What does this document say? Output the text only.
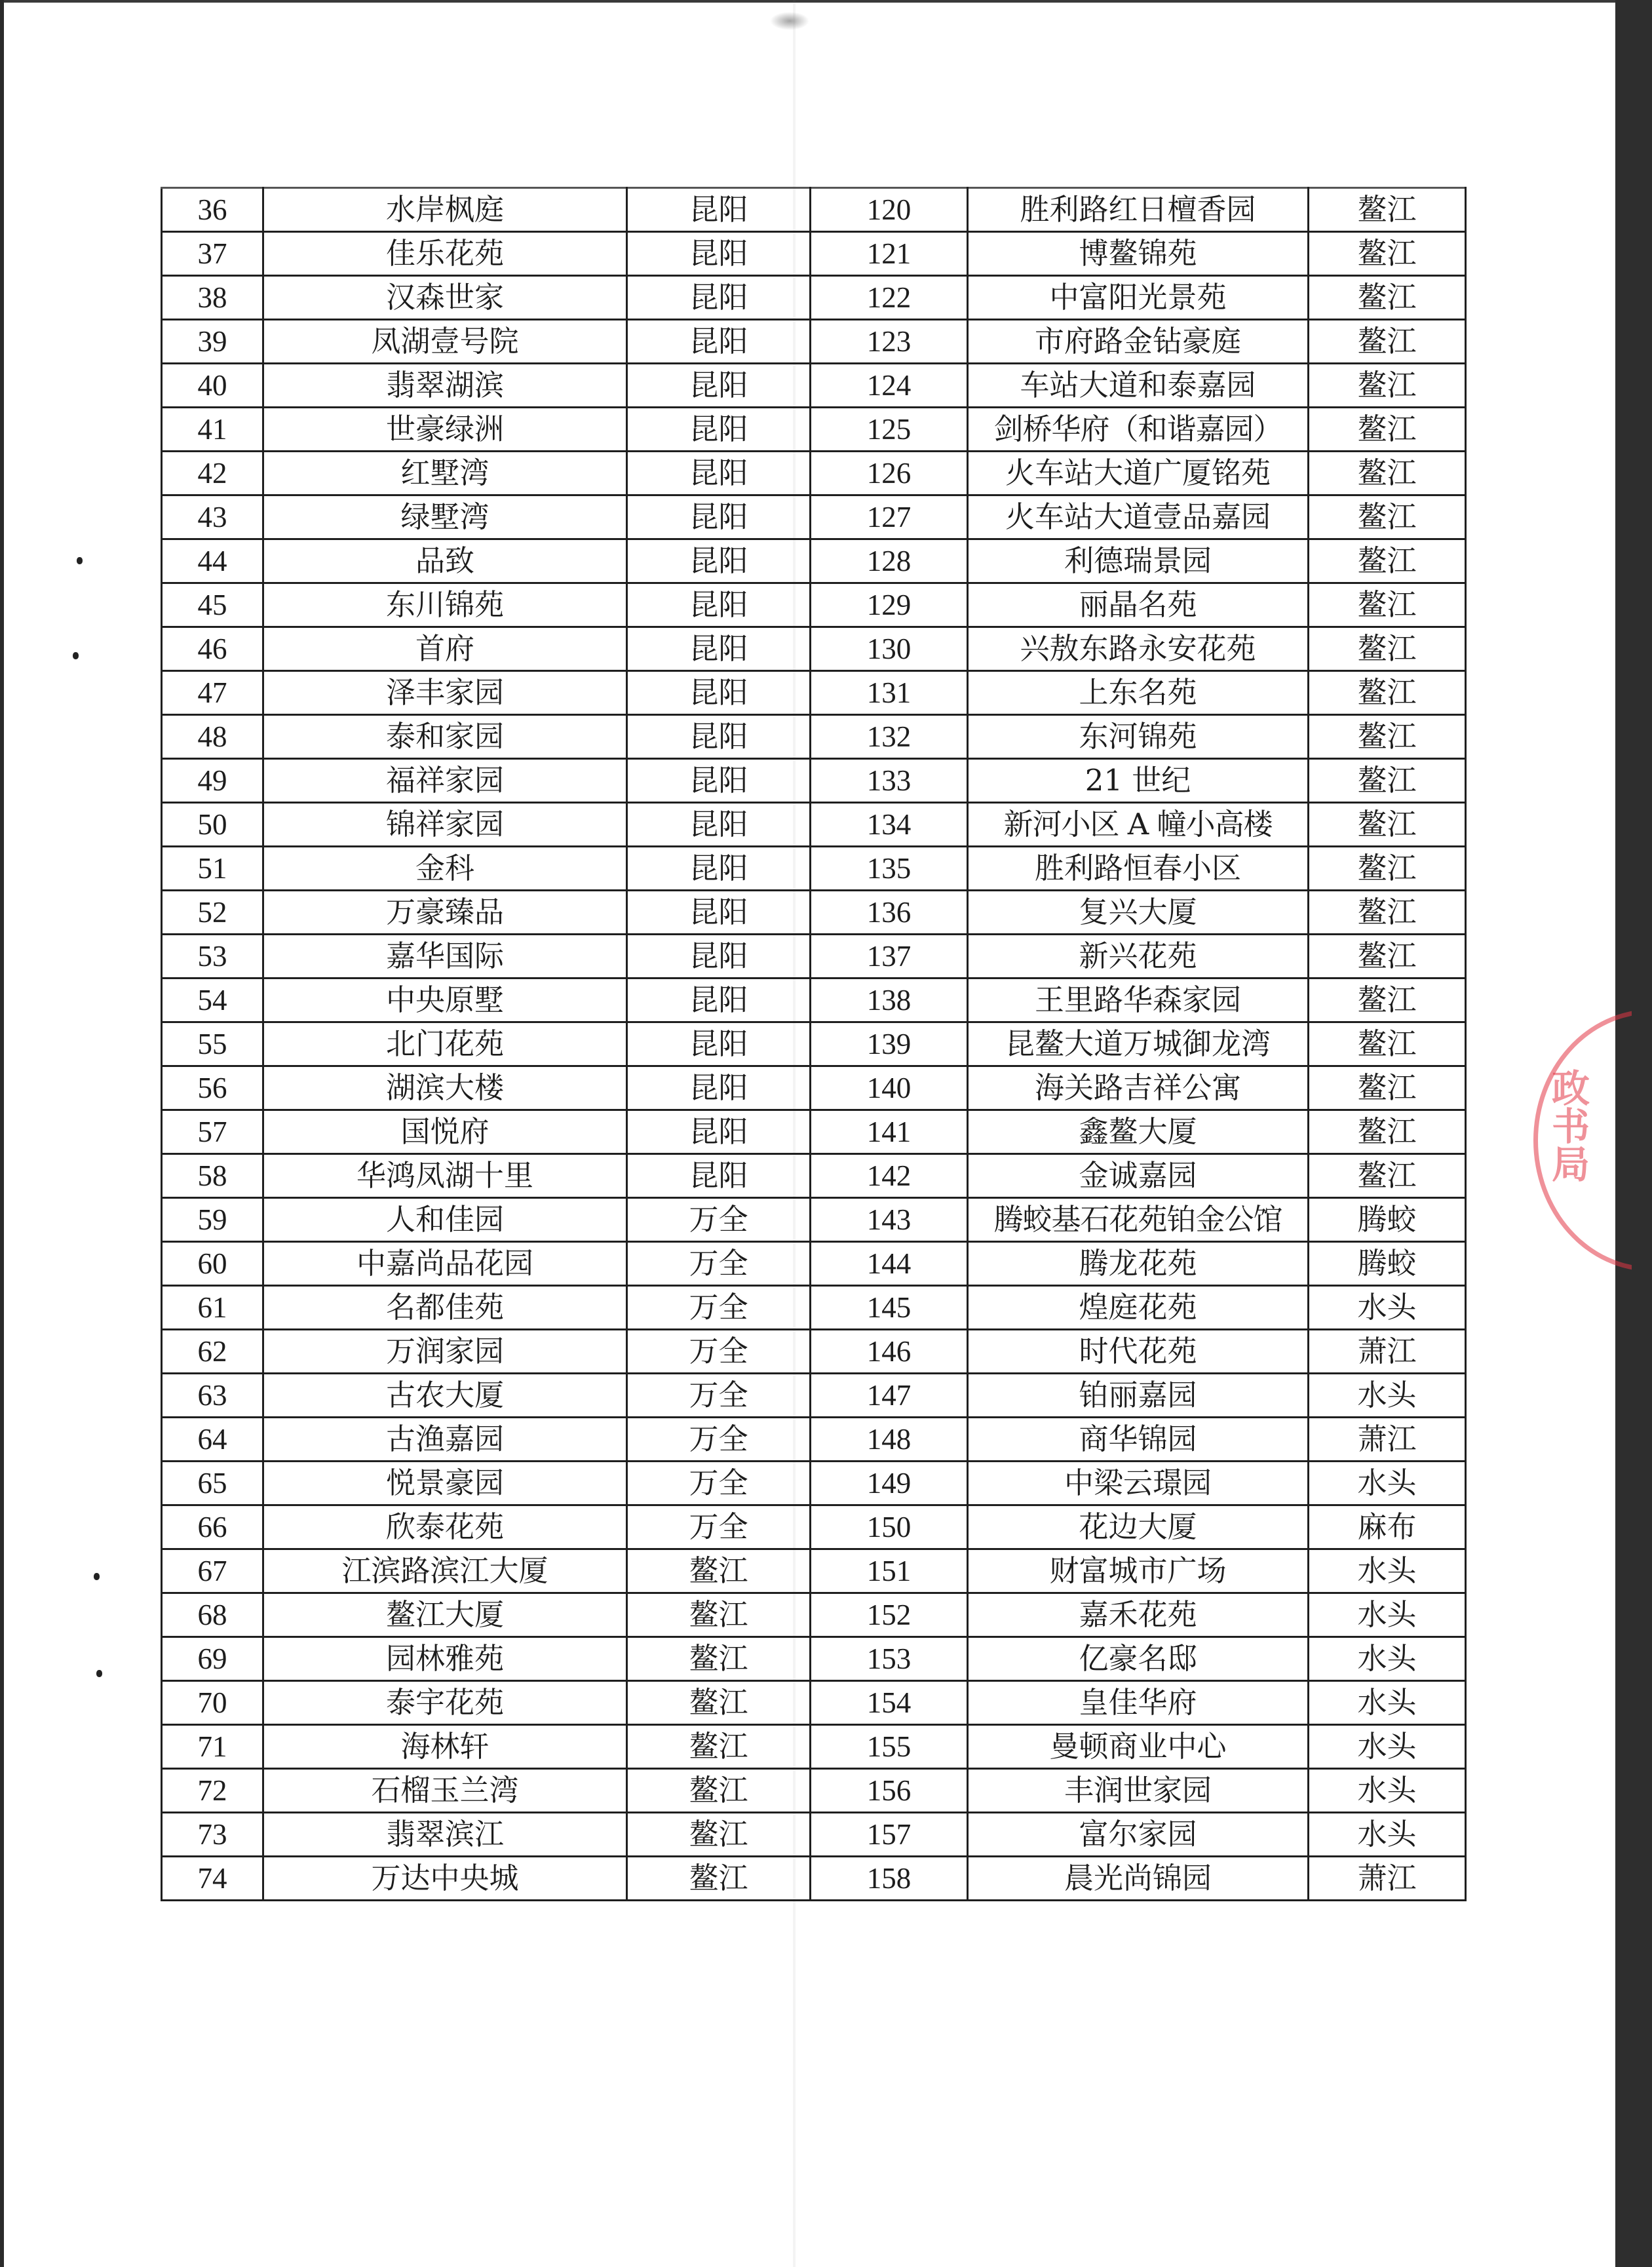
政书局
36	水岸枫庭	昆阳	120	胜利路红日檀香园	鳌江
37	佳乐花苑	昆阳	121	博鳌锦苑	鳌江
38	汉森世家	昆阳	122	中富阳光景苑	鳌江
39	凤湖壹号院	昆阳	123	市府路金钻豪庭	鳌江
40	翡翠湖滨	昆阳	124	车站大道和泰嘉园	鳌江
41	世豪绿洲	昆阳	125	剑桥华府（和谐嘉园）	鳌江
42	红墅湾	昆阳	126	火车站大道广厦铭苑	鳌江
43	绿墅湾	昆阳	127	火车站大道壹品嘉园	鳌江
44	品致	昆阳	128	利德瑞景园	鳌江
45	东川锦苑	昆阳	129	丽晶名苑	鳌江
46	首府	昆阳	130	兴敖东路永安花苑	鳌江
47	泽丰家园	昆阳	131	上东名苑	鳌江
48	泰和家园	昆阳	132	东河锦苑	鳌江
49	福祥家园	昆阳	133	21 世纪	鳌江
50	锦祥家园	昆阳	134	新河小区 A 幢小高楼	鳌江
51	金科	昆阳	135	胜利路恒春小区	鳌江
52	万豪臻品	昆阳	136	复兴大厦	鳌江
53	嘉华国际	昆阳	137	新兴花苑	鳌江
54	中央原墅	昆阳	138	王里路华森家园	鳌江
55	北门花苑	昆阳	139	昆鳌大道万城御龙湾	鳌江
56	湖滨大楼	昆阳	140	海关路吉祥公寓	鳌江
57	国悦府	昆阳	141	鑫鳌大厦	鳌江
58	华鸿凤湖十里	昆阳	142	金诚嘉园	鳌江
59	人和佳园	万全	143	腾蛟基石花苑铂金公馆	腾蛟
60	中嘉尚品花园	万全	144	腾龙花苑	腾蛟
61	名都佳苑	万全	145	煌庭花苑	水头
62	万润家园	万全	146	时代花苑	萧江
63	古农大厦	万全	147	铂丽嘉园	水头
64	古渔嘉园	万全	148	商华锦园	萧江
65	悦景豪园	万全	149	中梁云璟园	水头
66	欣泰花苑	万全	150	花边大厦	麻布
67	江滨路滨江大厦	鳌江	151	财富城市广场	水头
68	鳌江大厦	鳌江	152	嘉禾花苑	水头
69	园林雅苑	鳌江	153	亿豪名邸	水头
70	泰宇花苑	鳌江	154	皇佳华府	水头
71	海林轩	鳌江	155	曼顿商业中心	水头
72	石榴玉兰湾	鳌江	156	丰润世家园	水头
73	翡翠滨江	鳌江	157	富尔家园	水头
74	万达中央城	鳌江	158	晨光尚锦园	萧江
